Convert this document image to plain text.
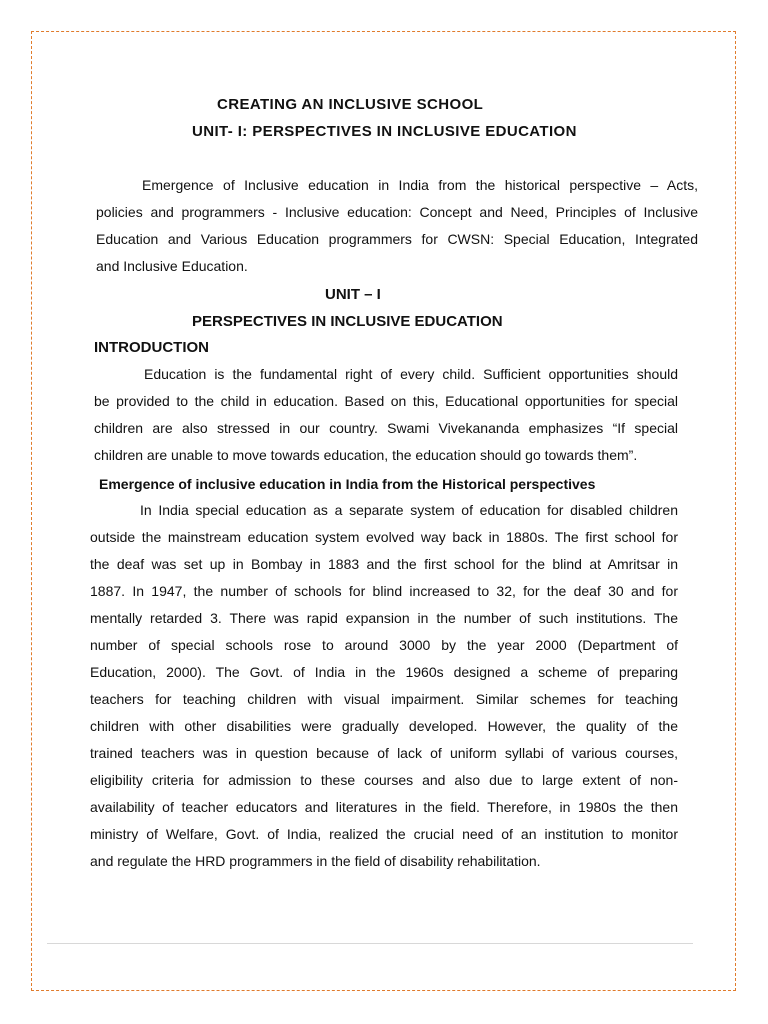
CREATING AN INCLUSIVE SCHOOL
UNIT- I: PERSPECTIVES IN INCLUSIVE EDUCATION
Emergence of Inclusive education in India from the historical perspective – Acts,
policies and programmers - Inclusive education: Concept and Need, Principles of Inclusive
Education and Various Education programmers for CWSN: Special Education, Integrated
and Inclusive Education.
UNIT – I
PERSPECTIVES IN INCLUSIVE EDUCATION
INTRODUCTION
Education is the fundamental right of every child. Sufficient opportunities should
be provided to the child in education. Based on this, Educational opportunities for special
children are also stressed in our country. Swami Vivekananda emphasizes “If special
children are unable to move towards education, the education should go towards them”.
Emergence of inclusive education in India from the Historical perspectives
In India special education as a separate system of education for disabled children
outside the mainstream education system evolved way back in 1880s. The first school for
the deaf was set up in Bombay in 1883 and the first school for the blind at Amritsar in
1887. In 1947, the number of schools for blind increased to 32, for the deaf 30 and for
mentally retarded 3. There was rapid expansion in the number of such institutions. The
number of special schools rose to around 3000 by the year 2000 (Department of
Education, 2000). The Govt. of India in the 1960s designed a scheme of preparing
teachers for teaching children with visual impairment. Similar schemes for teaching
children with other disabilities were gradually developed. However, the quality of the
trained teachers was in question because of lack of uniform syllabi of various courses,
eligibility criteria for admission to these courses and also due to large extent of non-
availability of teacher educators and literatures in the field. Therefore, in 1980s the then
ministry of Welfare, Govt. of India, realized the crucial need of an institution to monitor
and regulate the HRD programmers in the field of disability rehabilitation.
